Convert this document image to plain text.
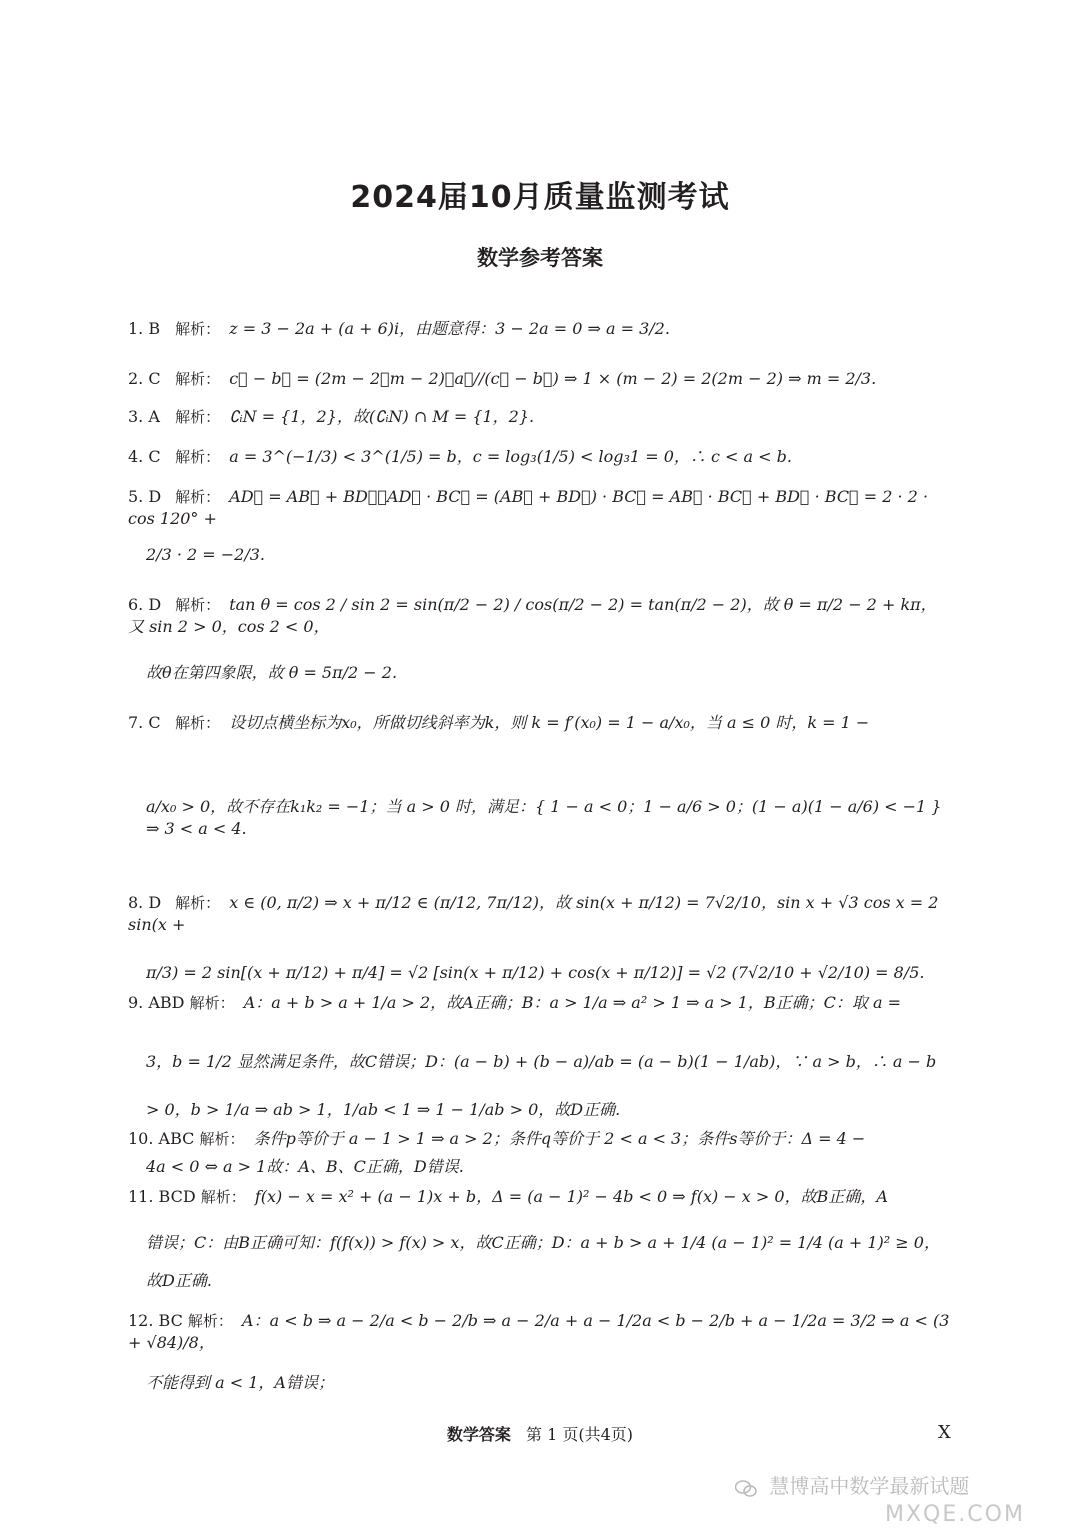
2024届10月质量监测考试
数学参考答案
1. B 解析： z = 3 − 2a + (a + 6)i，由题意得：3 − 2a = 0 ⇒ a = 3/2.
2. C 解析： c⃗ − b⃗ = (2m − 2，m − 2)，a⃗//(c⃗ − b⃗) ⇒ 1 × (m − 2) = 2(2m − 2) ⇒ m = 2/3.
3. A 解析： ∁ᵢN = {1，2}，故(∁ᵢN) ∩ M = {1，2}.
4. C 解析： a = 3^(−1/3) < 3^(1/5) = b，c = log₃(1/5) < log₃1 = 0，∴ c < a < b.
5. D 解析： AD⃗ = AB⃗ + BD⃗，AD⃗ · BC⃗ = (AB⃗ + BD⃗) · BC⃗ = AB⃗ · BC⃗ + BD⃗ · BC⃗ = 2 · 2 · cos 120° +
2/3 · 2 = −2/3.
6. D 解析： tan θ = cos 2 / sin 2 = sin(π/2 − 2) / cos(π/2 − 2) = tan(π/2 − 2)，故 θ = π/2 − 2 + kπ，又 sin 2 > 0，cos 2 < 0，
故θ在第四象限，故 θ = 5π/2 − 2.
7. C 解析： 设切点横坐标为x₀，所做切线斜率为k，则 k = f′(x₀) = 1 − a/x₀，当 a ≤ 0 时，k = 1 −
a/x₀ > 0，故不存在k₁k₂ = −1；当 a > 0 时，满足：{ 1 − a < 0；1 − a/6 > 0；(1 − a)(1 − a/6) < −1 } ⇒ 3 < a < 4.
8. D 解析： x ∈ (0, π/2) ⇒ x + π/12 ∈ (π/12, 7π/12)，故 sin(x + π/12) = 7√2/10，sin x + √3 cos x = 2 sin(x +
π/3) = 2 sin[(x + π/12) + π/4] = √2 [sin(x + π/12) + cos(x + π/12)] = √2 (7√2/10 + √2/10) = 8/5.
9. ABD 解析： A：a + b > a + 1/a > 2，故A正确；B：a > 1/a ⇒ a² > 1 ⇒ a > 1，B正确；C：取 a =
3，b = 1/2 显然满足条件，故C错误；D：(a − b) + (b − a)/ab = (a − b)(1 − 1/ab)，∵ a > b，∴ a − b > 0，b > 1/a ⇒ ab > 1，1/ab < 1 ⇒ 1 − 1/ab > 0，故D正确.
10. ABC 解析： 条件p等价于 a − 1 > 1 ⇒ a > 2；条件q等价于 2 < a < 3；条件s等价于：Δ = 4 −
4a < 0 ⇔ a > 1故：A、B、C正确，D错误.
11. BCD 解析： f(x) − x = x² + (a − 1)x + b，Δ = (a − 1)² − 4b < 0 ⇒ f(x) − x > 0，故B正确，A
错误；C：由B正确可知：f(f(x)) > f(x) > x，故C正确；D：a + b > a + 1/4 (a − 1)² = 1/4 (a + 1)² ≥ 0，故D正确.
12. BC 解析： A：a < b ⇒ a − 2/a < b − 2/b ⇒ a − 2/a + a − 1/2a < b − 2/b + a − 1/2a = 3/2 ⇒ a < (3 + √84)/8，
不能得到 a < 1，A错误；
数学答案 第 1 页(共4页)	X
慧博高中数学最新试题
MXQE.COM
